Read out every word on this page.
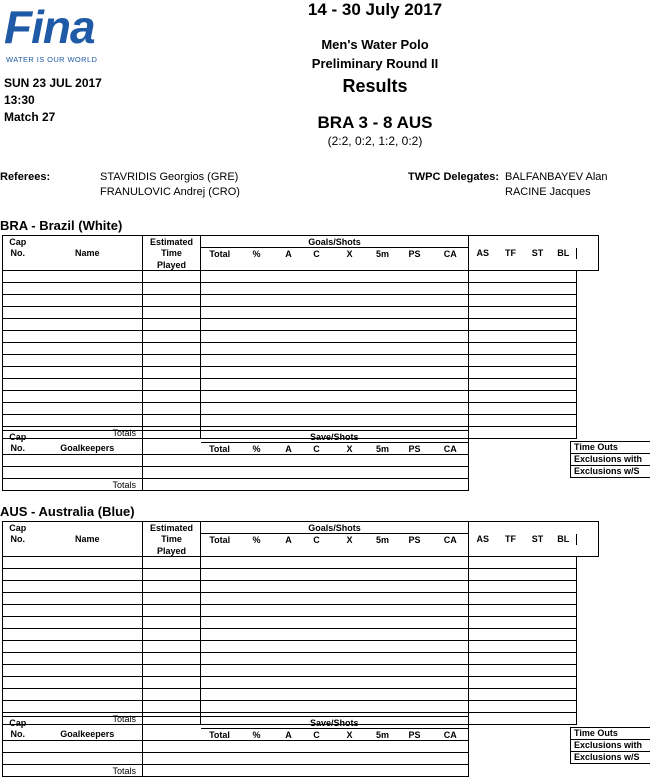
Fina
WATER IS OUR WORLD
SUN 23 JUL 2017
13:30
Match 27
14 - 30 July 2017
Men's Water Polo
Preliminary Round II
Results
BRA 3 - 8 AUS
(2:2, 0:2, 1:2, 0:2)
Referees:	STAVRIDIS Georgios (GRE)
FRANULOVIC Andrej (CRO)
TWPC Delegates: BALFANBAYEV Alan
RACINE Jacques
BRA - Brazil (White)
Cap		Estimated	Goals/Shots												
No.	Name	Time	Total	%	A	C	X	5m	PS	CA	AS	TF	ST	BL	
		Played													

Totals															
Cap			Save/Shots							
No.	Goalkeepers		Total	%	A	C	X	5m	PS	CA

Totals										
Time Outs
Exclusions with
Exclusions w/S
AUS - Australia (Blue)
Cap		Estimated	Goals/Shots												
No.	Name	Time	Total	%	A	C	X	5m	PS	CA	AS	TF	ST	BL	
		Played													

Totals															
Cap			Save/Shots							
No.	Goalkeepers		Total	%	A	C	X	5m	PS	CA

Totals										
Time Outs
Exclusions with
Exclusions w/S
